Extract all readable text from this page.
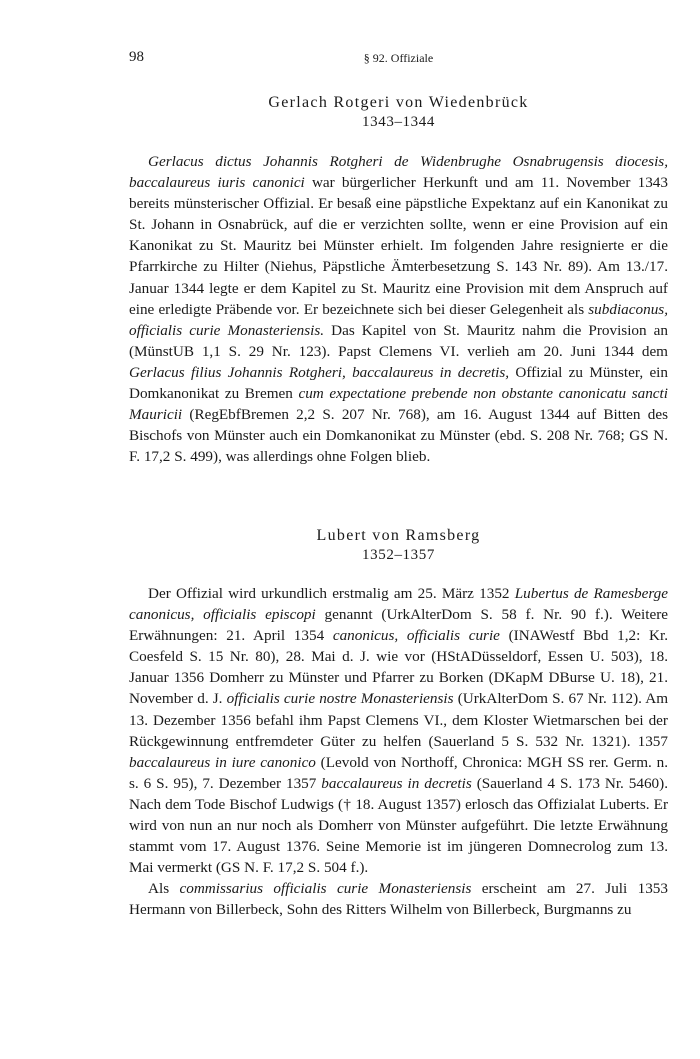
98	§ 92. Offiziale
Gerlach Rotgeri von Wiedenbrück
1343–1344

Gerlacus dictus Johannis Rotgheri de Widenbrughe Osnabrugensis diocesis, baccalaureus iuris canonici war bürgerlicher Herkunft und am 11. November 1343 bereits münsterischer Offizial. Er besaß eine päpstliche Expektanz auf ein Kanonikat zu St. Johann in Osnabrück, auf die er verzichten sollte, wenn er eine Provision auf ein Kanonikat zu St. Mauritz bei Münster erhielt. Im folgenden Jahre resignierte er die Pfarrkirche zu Hilter (Niehus, Päpstliche Ämterbesetzung S. 143 Nr. 89). Am 13./17. Januar 1344 legte er dem Kapitel zu St. Mauritz eine Provision mit dem Anspruch auf eine erledigte Präbende vor. Er bezeichnete sich bei dieser Gelegenheit als subdiaconus, officialis curie Monasteriensis. Das Kapitel von St. Mauritz nahm die Provision an (MünstUB 1,1 S. 29 Nr. 123). Papst Clemens VI. verlieh am 20. Juni 1344 dem Gerlacus filius Johannis Rotgheri, baccalaureus in decretis, Offizial zu Münster, ein Domkanonikat zu Bremen cum expectatione prebende non obstante canonicatu sancti Mauricii (RegEbfBremen 2,2 S. 207 Nr. 768), am 16. August 1344 auf Bitten des Bischofs von Münster auch ein Domkanonikat zu Münster (ebd. S. 208 Nr. 768; GS N. F. 17,2 S. 499), was allerdings ohne Folgen blieb.

Lubert von Ramsberg
1352–1357

Der Offizial wird urkundlich erstmalig am 25. März 1352 Lubertus de Ramesberge canonicus, officialis episcopi genannt (UrkAlterDom S. 58 f. Nr. 90 f.). Weitere Erwähnungen: 21. April 1354 canonicus, officialis curie (INAWestf Bbd 1,2: Kr. Coesfeld S. 15 Nr. 80), 28. Mai d. J. wie vor (HStADüsseldorf, Essen U. 503), 18. Januar 1356 Domherr zu Münster und Pfarrer zu Borken (DKapM DBurse U. 18), 21. November d. J. officialis curie nostre Monasteriensis (UrkAlterDom S. 67 Nr. 112). Am 13. Dezember 1356 befahl ihm Papst Clemens VI., dem Kloster Wietmarschen bei der Rückgewinnung entfremdeter Güter zu helfen (Sauerland 5 S. 532 Nr. 1321). 1357 baccalaureus in iure canonico (Levold von Northoff, Chronica: MGH SS rer. Germ. n. s. 6 S. 95), 7. Dezember 1357 baccalaureus in decretis (Sauerland 4 S. 173 Nr. 5460). Nach dem Tode Bischof Ludwigs († 18. August 1357) erlosch das Offizialat Luberts. Er wird von nun an nur noch als Domherr von Münster aufgeführt. Die letzte Erwähnung stammt vom 17. August 1376. Seine Memorie ist im jüngeren Domnecrolog zum 13. Mai vermerkt (GS N. F. 17,2 S. 504 f.).

Als commissarius officialis curie Monasteriensis erscheint am 27. Juli 1353 Hermann von Billerbeck, Sohn des Ritters Wilhelm von Billerbeck, Burgmanns zu
